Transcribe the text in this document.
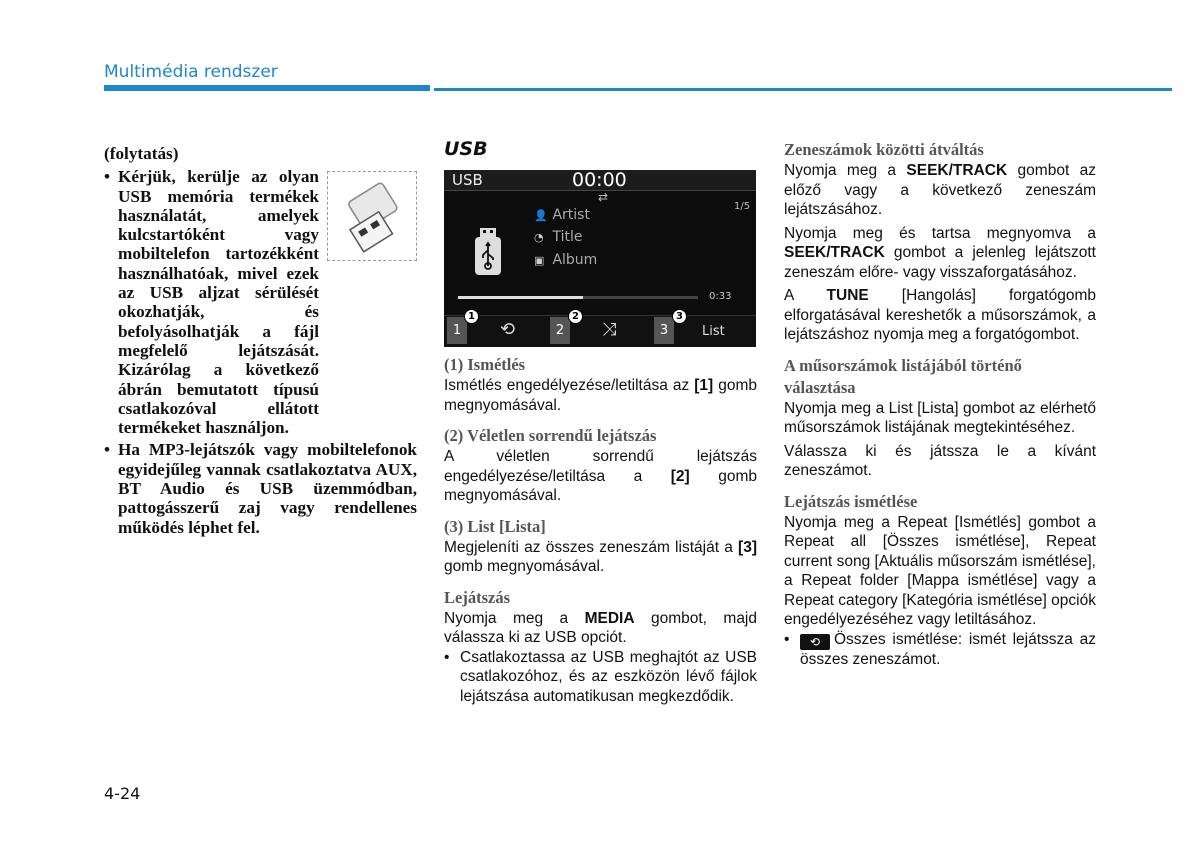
Multimédia rendszer
(folytatás)
• Kérjük, kerülje az olyan USB memória termékek használatát, amelyek kulcstartóként vagy mobiltelefon tartozékként használhatóak, mivel ezek az USB aljzat sérülését okozhatják, és befolyásolhatják a fájl megfelelő lejátszását. Kizárólag a következő ábrán bemutatott típusú csatlakozóval ellátott termékeket használjon.
• Ha MP3-lejátszók vagy mobiltelefonok egyidejűleg vannak csatlakoztatva AUX, BT Audio és USB üzemmódban, pattogásszerű zaj vagy rendellenes működés léphet fel.
USB
USB	00:00
⇄
1/5
👤 Artist
◔ Title
▣ Album
0:33
1
1
⟲	2
2
⤨	3
3
List

(1) Ismétlés

Ismétlés engedélyezése/letiltása az [1] gomb megnyomásával.

(2) Véletlen sorrendű lejátszás

A véletlen sorrendű lejátszás engedélyezése/letiltása a [2] gomb megnyomásával.

(3) List [Lista]

Megjeleníti az összes zeneszám listáját a [3] gomb megnyomásával.

Lejátszás

Nyomja meg a MEDIA gombot, majd válassza ki az USB opciót.

• Csatlakoztassa az USB meghajtót az USB csatlakozóhoz, és az eszközön lévő fájlok lejátszása automatikusan megkezdődik.

Zeneszámok közötti átváltás

Nyomja meg a SEEK/TRACK gombot az előző vagy a következő zeneszám lejátszásához.

Nyomja meg és tartsa megnyomva a SEEK/TRACK gombot a jelenleg lejátszott zeneszám előre- vagy visszaforgatásához.

A TUNE [Hangolás] forgatógomb elforgatásával kereshetők a műsorszámok, a lejátszáshoz nyomja meg a forgatógombot.

A műsorszámok listájából történő választása

Nyomja meg a List [Lista] gombot az elérhető műsorszámok listájának megtekintéséhez.

Válassza ki és játssza le a kívánt zeneszámot.

Lejátszás ismétlése

Nyomja meg a Repeat [Ismétlés] gombot a Repeat all [Összes ismétlése], Repeat current song [Aktuális műsorszám ismétlése], a Repeat folder [Mappa ismétlése] vagy a Repeat category [Kategória ismétlése] opciók engedélyezéséhez vagy letiltásához.

•	⟲ Összes ismétlése: ismét lejátssza az összes zeneszámot.
4-24
